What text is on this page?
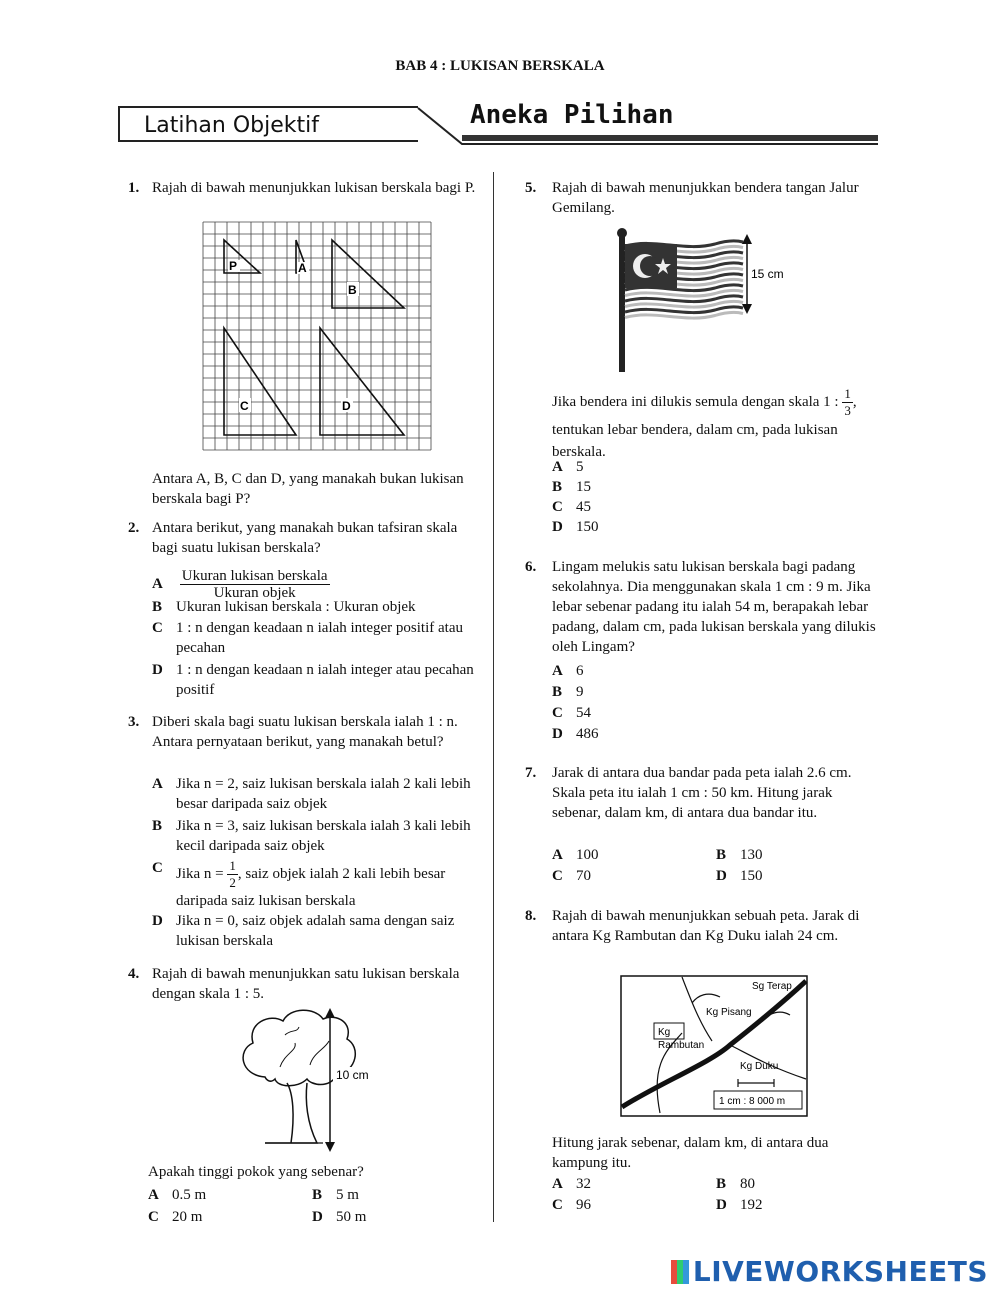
BAB 4 : LUKISAN BERSKALA
Latihan Objektif	Aneka Pilihan
1. Rajah di bawah menunjukkan lukisan berskala bagi P.
P	A
B
C	D
Antara A, B, C dan D, yang manakah bukan lukisan berskala bagi P?
2. Antara berikut, yang manakah bukan tafsiran skala bagi suatu lukisan berskala?
A $\frac{\text{Ukuran lukisan berskala}}{\text{Ukuran objek}}$
B Ukuran lukisan berskala : Ukuran objek
C 1 : n dengan keadaan n ialah integer positif atau pecahan
D 1 : n dengan keadaan n ialah integer atau pecahan positif
3. Diberi skala bagi suatu lukisan berskala ialah 1 : n. Antara pernyataan berikut, yang manakah betul?
A Jika n = 2, saiz lukisan berskala ialah 2 kali lebih besar daripada saiz objek
B Jika n = 3, saiz lukisan berskala ialah 3 kali lebih kecil daripada saiz objek
C Jika $n = \frac{1}{2}$ , saiz objek ialah 2 kali lebih besar daripada saiz lukisan berskala
D Jika n = 0, saiz objek adalah sama dengan saiz lukisan berskala
4. Rajah di bawah menunjukkan satu lukisan berskala dengan skala 1 : 5.
10 cm
Apakah tinggi pokok yang sebenar?
A 0.5 m	B 5 m
C 20 m	D 50 m
5. Rajah di bawah menunjukkan bendera tangan Jalur Gemilang.
15 cm
Jika bendera ini dilukis semula dengan skala 1 : $\frac{1}{3}$ , tentukan lebar bendera, dalam cm, pada lukisan berskala.
A 5
B 15
C 45
D 150
6. Lingam melukis satu lukisan berskala bagi padang sekolahnya. Dia menggunakan skala 1 cm : 9 m. Jika lebar sebenar padang itu ialah 54 m, berapakah lebar padang, dalam cm, pada lukisan berskala yang dilukis oleh Lingam?
A 6
B 9
C 54
D 486
7. Jarak di antara dua bandar pada peta ialah 2.6 cm. Skala peta itu ialah 1 cm : 50 km. Hitung jarak sebenar, dalam km, di antara dua bandar itu.
A 100	B 130
C 70	D 150
8. Rajah di bawah menunjukkan sebuah peta. Jarak di antara Kg Rambutan dan Kg Duku ialah 24 cm.
Sg Terap
Kg Pisang
Kg
Rambutan
Kg Duku
1 cm : 8 000 m
Hitung jarak sebenar, dalam km, di antara dua kampung itu.
A 32	B 80
C 96	D 192
LIVEWORKSHEETS
